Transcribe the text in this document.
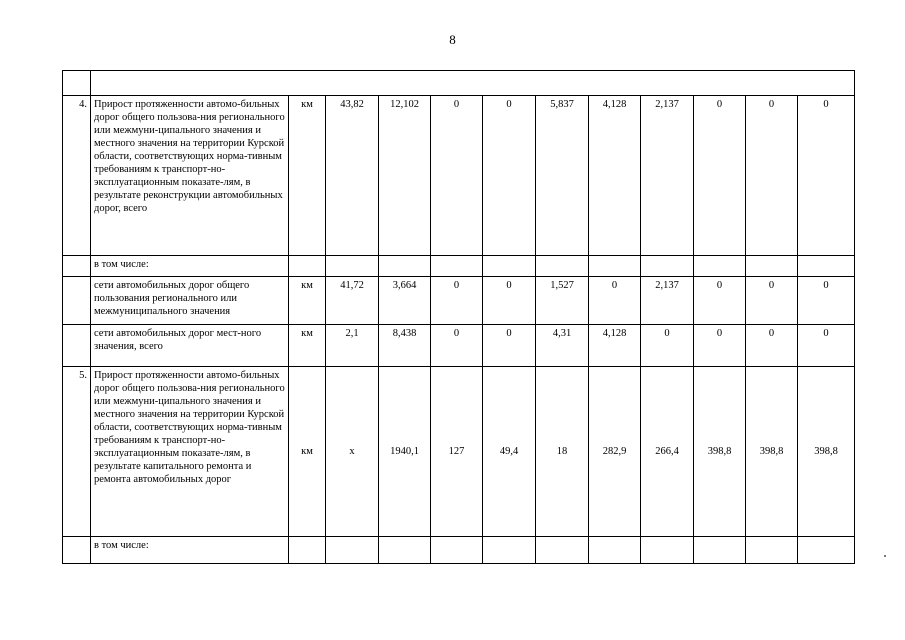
8

4.	Прирост протяженности автомо-бильных дорог общего пользова-ния регионального или межмуни-ципального значения и местного значения на территории Курской области, соответствующих норма-тивным требованиям к транспорт-но-эксплуатационным показате-лям, в результате реконструкции автомобильных дорог, всего	км	43,82	12,102	0	0	5,837	4,128	2,137	0	0	0
	в том числе:											
	сети автомобильных дорог общего пользования регионального или межмуниципального значения	км	41,72	3,664	0	0	1,527	0	2,137	0	0	0
	сети автомобильных дорог мест-ного значения, всего	км	2,1	8,438	0	0	4,31	4,128	0	0	0	0
5.	Прирост протяженности автомо-бильных дорог общего пользова-ния регионального или межмуни-ципального значения и местного значения на территории Курской области, соответствующих норма-тивным требованиям к транспорт-но-эксплуатационным показате-лям, в результате капитального ремонта и ремонта автомобильных дорог	км	х	1940,1	127	49,4	18	282,9	266,4	398,8	398,8	398,8
	в том числе:											
